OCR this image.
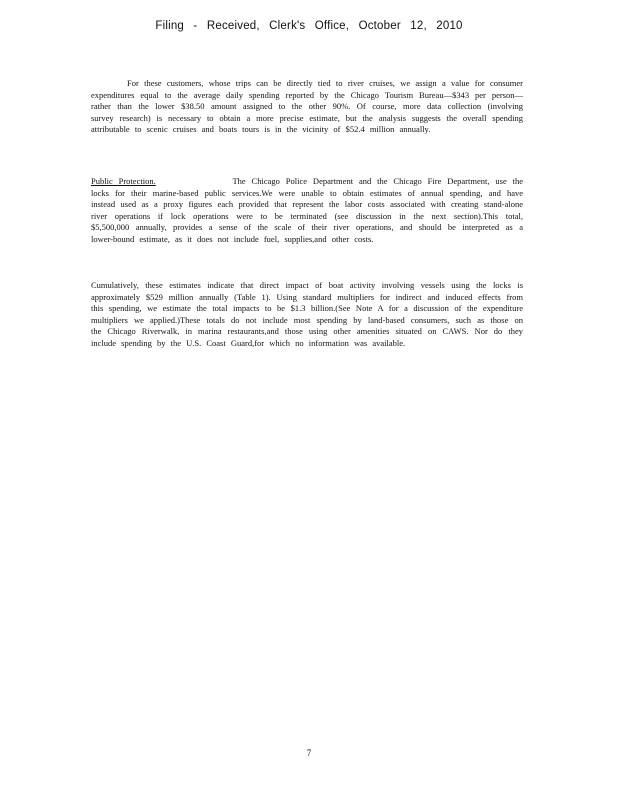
Filing - Received, Clerk's Office, October 12, 2010

For these customers, whose trips can be directly tied to river cruises, we assign a value for consumer expenditures equal to the average daily spending reported by the Chicago Tourism Bureau—$343 per person—rather than the lower $38.50 amount assigned to the other 90%. Of course, more data collection (involving survey research) is necessary to obtain a more precise estimate, but the analysis suggests the overall spending attributable to scenic cruises and boats tours is in the vicinity of $52.4 million annually.

Public Protection.	The Chicago Police Department and the Chicago Fire Department, use the locks for their marine-based public services.We were unable to obtain estimates of annual spending, and have instead used as a proxy figures each provided that represent the labor costs associated with creating stand-alone river operations if lock operations were to be terminated (see discussion in the next section).This total, $5,500,000 annually, provides a sense of the scale of their river operations, and should be interpreted as a lower-bound estimate, as it does not include fuel, supplies,and other costs.

Cumulatively, these estimates indicate that direct impact of boat activity involving vessels using the locks is approximately $529 million annually (Table 1). Using standard multipliers for indirect and induced effects from this spending, we estimate the total impacts to be $1.3 billion.(See Note A for a discussion of the expenditure multipliers we applied.)These totals do not include most spending by land-based consumers, such as those on the Chicago Riverwalk, in marina restaurants,and those using other amenities situated on CAWS. Nor do they include spending by the U.S. Coast Guard,for which no information was available.

7
